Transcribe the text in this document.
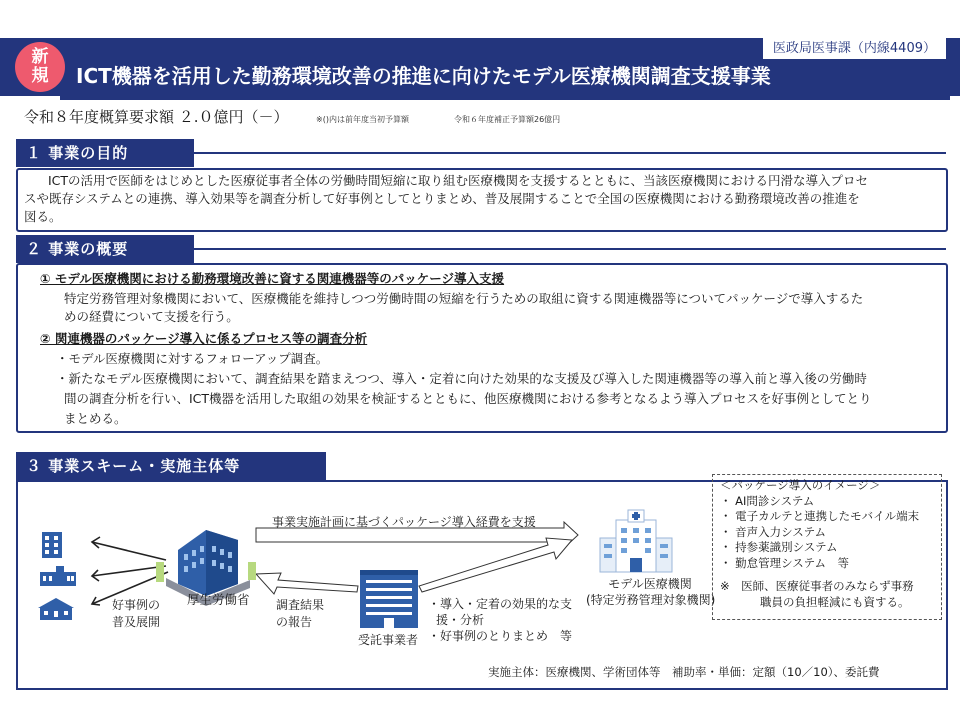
新
規
医政局医事課（内線4409）
ICT機器を活用した勤務環境改善の推進に向けたモデル医療機関調査支援事業
令和８年度概算要求額 ２.０億円（－）	※()内は前年度当初予算額	令和６年度補正予算額26億円
１ 事業の目的
ICTの活用で医師をはじめとした医療従事者全体の労働時間短縮に取り組む医療機関を支援するとともに、当該医療機関における円滑な導入プロセ
スや既存システムとの連携、導入効果等を調査分析して好事例としてとりまとめ、普及展開することで全国の医療機関における勤務環境改善の推進を
図る。
２ 事業の概要
① モデル医療機関における勤務環境改善に資する関連機器等のパッケージ導入支援
特定労務管理対象機関において、医療機能を維持しつつ労働時間の短縮を行うための取組に資する関連機器等についてパッケージで導入するた
めの経費について支援を行う。
② 関連機器のパッケージ導入に係るプロセス等の調査分析
・モデル医療機関に対するフォローアップ調査。
・新たなモデル医療機関において、調査結果を踏まえつつ、導入・定着に向けた効果的な支援及び導入した関連機器等の導入前と導入後の労働時
間の調査分析を行い、ICT機器を活用した取組の効果を検証するとともに、他医療機関における参考となるよう導入プロセスを好事例としてとり
まとめる。
３ 事業スキーム・実施主体等
事業実施計画に基づくパッケージ導入経費を支援
厚生労働省
好事例の
普及展開
調査結果
の報告
受託事業者
・導入・定着の効果的な支
援・分析
・好事例のとりまとめ　等
モデル医療機関
(特定労務管理対象機関)
＜パッケージ導入のイメージ＞
・ AI問診システム
・ 電子カルテと連携したモバイル端末
・ 音声入力システム
・ 持参薬識別システム
・ 勤怠管理システム　等
※　医師、医療従事者のみならず事務
職員の負担軽減にも資する。
実施主体：医療機関、学術団体等　補助率・単価：定額（10／10）、委託費
